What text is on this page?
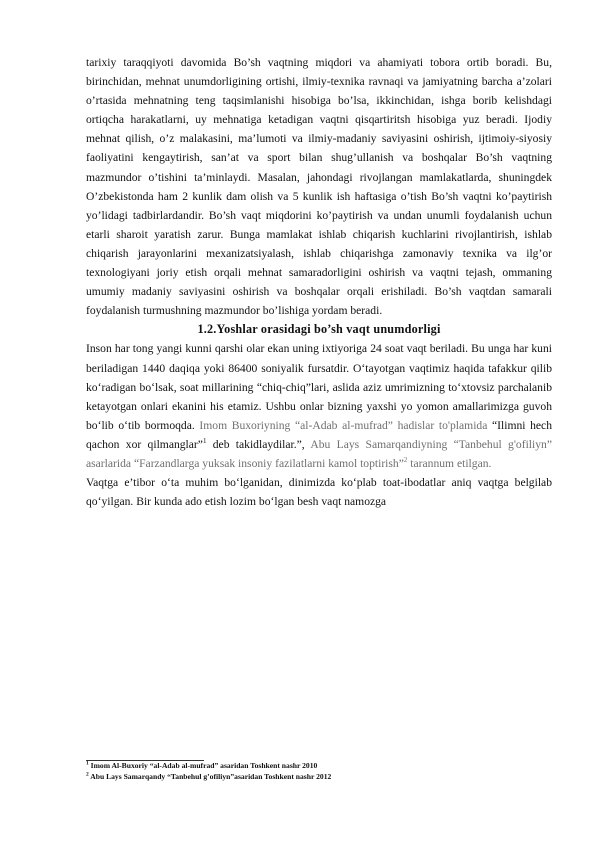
tarixiy taraqqiyoti davomida Bo’sh vaqtning miqdori va ahamiyati tobora ortib boradi. Bu, birinchidan, mehnat unumdorligining ortishi, ilmiy-texnika ravnaqi va jamiyatning barcha a’zolari o’rtasida mehnatning teng taqsimlanishi hisobiga bo’lsa, ikkinchidan, ishga borib kelishdagi ortiqcha harakatlarni, uy mehnatiga ketadigan vaqtni qisqartiritsh hisobiga yuz beradi. Ijodiy mehnat qilish, o’z malakasini, ma’lumoti va ilmiy-madaniy saviyasini oshirish, ijtimoiy-siyosiy faoliyatini kengaytirish, san’at va sport bilan shug’ullanish va boshqalar Bo’sh vaqtning mazmundor o’tishini ta’minlaydi. Masalan, jahondagi rivojlangan mamlakatlarda, shuningdek O’zbekistonda ham 2 kunlik dam olish va 5 kunlik ish haftasiga o’tish Bo’sh vaqtni ko’paytirish yo’lidagi tadbirlardandir. Bo’sh vaqt miqdorini ko’paytirish va undan unumli foydalanish uchun etarli sharoit yaratish zarur. Bunga mamlakat ishlab chiqarish kuchlarini rivojlantirish, ishlab chiqarish jarayonlarini mexanizatsiyalash, ishlab chiqarishga zamonaviy texnika va ilg’or texnologiyani joriy etish orqali mehnat samaradorligini oshirish va vaqtni tejash, ommaning umumiy madaniy saviyasini oshirish va boshqalar orqali erishiladi. Bo’sh vaqtdan samarali foydalanish turmushning mazmundor bo’lishiga yordam beradi.

1.2.Yoshlar orasidagi bo’sh vaqt unumdorligi

Inson har tong yangi kunni qarshi olar ekan uning ixtiyoriga 24 soat vaqt beriladi. Bu unga har kuni beriladigan 1440 daqiqa yoki 86400 soniyalik fursatdir. O‘tayotgan vaqtimiz haqida tafakkur qilib ko‘radigan bo‘lsak, soat millarining “chiq-chiq”lari, aslida aziz umrimizning to‘xtovsiz parchalanib ketayotgan onlari ekanini his etamiz. Ushbu onlar bizning yaxshi yo yomon amallarimizga guvoh bo‘lib o‘tib bormoqda. Imom Buxoriyning “al-Adab al-mufrad” hadislar to'plamida “Ilimni hech qachon xor qilmanglar”$^1$ deb takidlaydilar.”, Abu Lays Samarqandiyning “Tanbehul g'ofiliyn” asarlarida “Farzandlarga yuksak insoniy fazilatlarni kamol toptirish”$^2$ tarannum etilgan.

Vaqtga e’tibor o‘ta muhim bo‘lganidan, dinimizda ko‘plab toat-ibodatlar aniq vaqtga belgilab qo‘yilgan. Bir kunda ado etish lozim bo‘lgan besh vaqt namozga

$^1$ Imom Al-Buxoriy “al-Adab al-mufrad” asaridan Toshkent nashr 2010

$^2$ Abu Lays Samarqandy “Tanbehul g’ofiliyn”asaridan Toshkent nashr 2012
